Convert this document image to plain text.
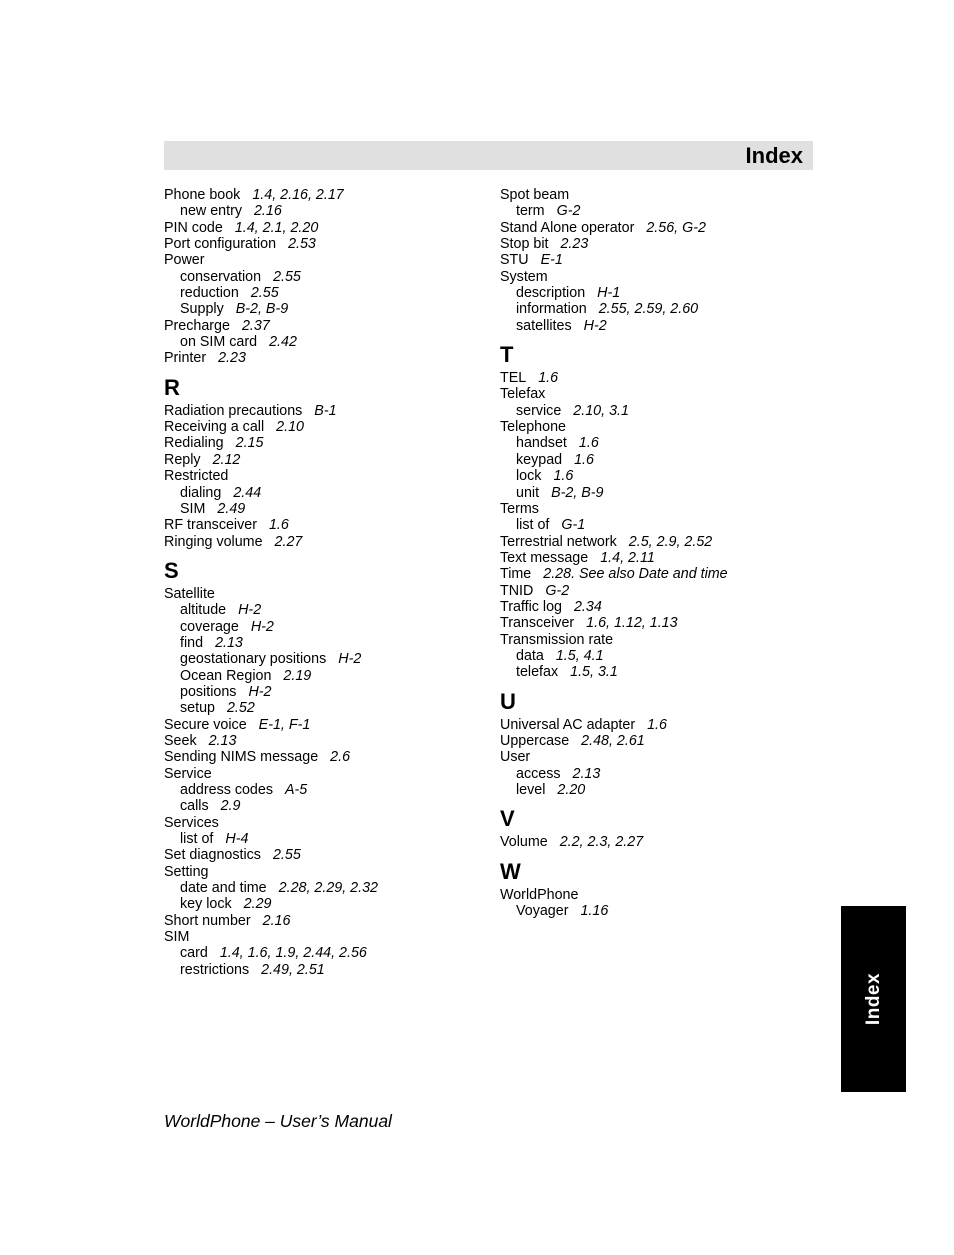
Index
Phone book 1.4, 2.16, 2.17
new entry 2.16
PIN code 1.4, 2.1, 2.20
Port configuration 2.53
Power
conservation 2.55
reduction 2.55
Supply B-2, B-9
Precharge 2.37
on SIM card 2.42
Printer 2.23
R
Radiation precautions B-1
Receiving a call 2.10
Redialing 2.15
Reply 2.12
Restricted
dialing 2.44
SIM 2.49
RF transceiver 1.6
Ringing volume 2.27
S
Satellite
altitude H-2
coverage H-2
find 2.13
geostationary positions H-2
Ocean Region 2.19
positions H-2
setup 2.52
Secure voice E-1, F-1
Seek 2.13
Sending NIMS message 2.6
Service
address codes A-5
calls 2.9
Services
list of H-4
Set diagnostics 2.55
Setting
date and time 2.28, 2.29, 2.32
key lock 2.29
Short number 2.16
SIM
card 1.4, 1.6, 1.9, 2.44, 2.56
restrictions 2.49, 2.51
Spot beam
term G-2
Stand Alone operator 2.56, G-2
Stop bit 2.23
STU E-1
System
description H-1
information 2.55, 2.59, 2.60
satellites H-2
T
TEL 1.6
Telefax
service 2.10, 3.1
Telephone
handset 1.6
keypad 1.6
lock 1.6
unit B-2, B-9
Terms
list of G-1
Terrestrial network 2.5, 2.9, 2.52
Text message 1.4, 2.11
Time 2.28. See also Date and time
TNID G-2
Traffic log 2.34
Transceiver 1.6, 1.12, 1.13
Transmission rate
data 1.5, 4.1
telefax 1.5, 3.1
U
Universal AC adapter 1.6
Uppercase 2.48, 2.61
User
access 2.13
level 2.20
V
Volume 2.2, 2.3, 2.27
W
WorldPhone
Voyager 1.16
Index
WorldPhone – User’s Manual
